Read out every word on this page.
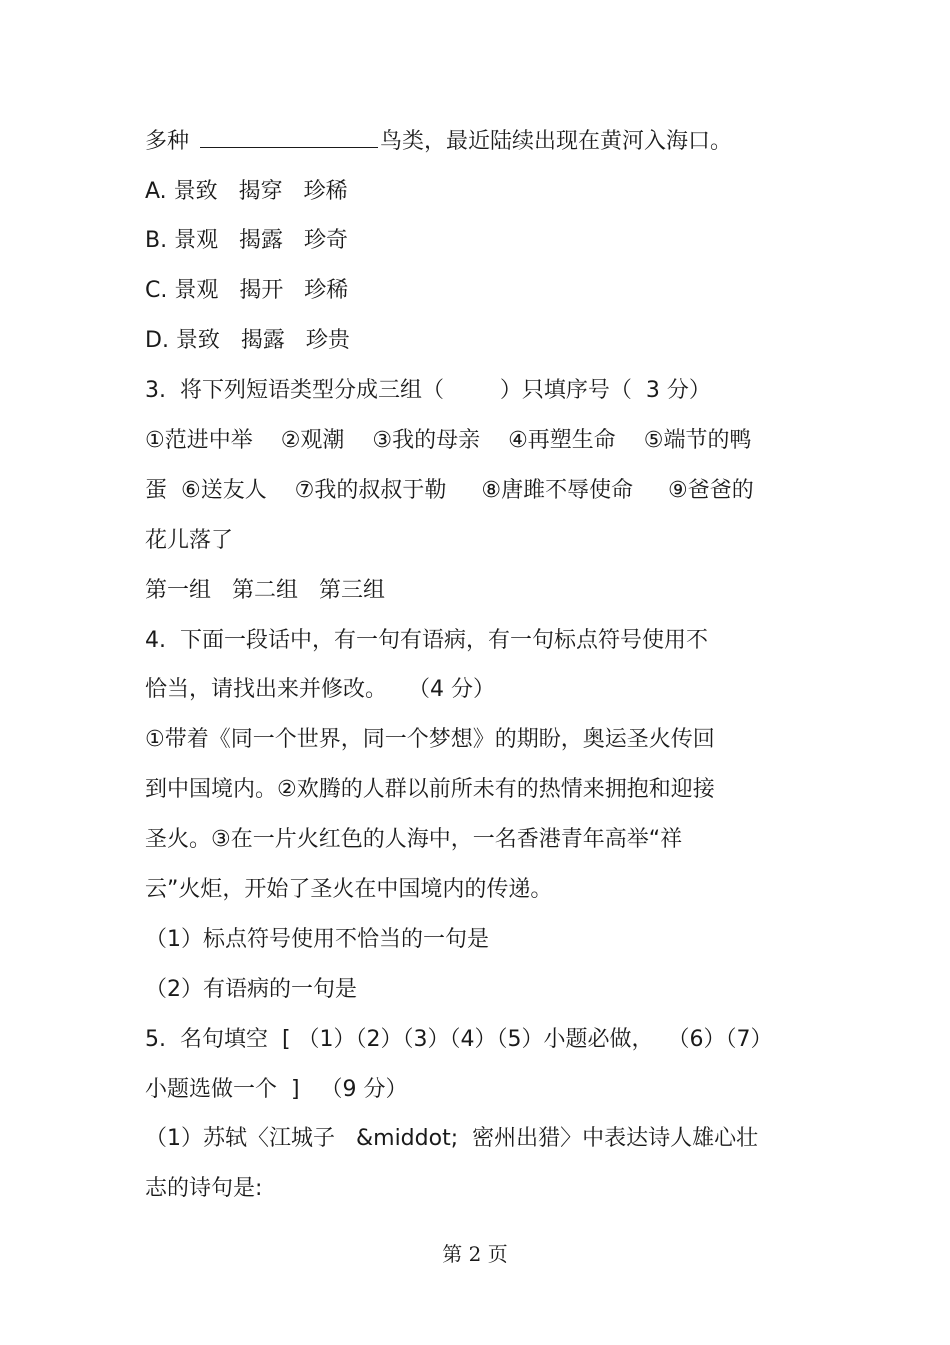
多种	鸟类，最近陆续出现在黄河入海口。
A. 景致   揭穿   珍稀
B. 景观   揭露   珍奇
C. 景观   揭开   珍稀
D. 景致   揭露   珍贵
3.  将下列短语类型分成三组（        ）只填序号（  3 分）
①范进中举    ②观潮    ③我的母亲    ④再塑生命    ⑤端节的鸭
蛋  ⑥送友人    ⑦我的叔叔于勒     ⑧唐雎不辱使命     ⑨爸爸的
花儿落了
第一组   第二组   第三组
4.  下面一段话中，有一句有语病，有一句标点符号使用不
恰当，请找出来并修改。   （4 分）
①带着《同一个世界，同一个梦想》的期盼，奥运圣火传回
到中国境内。②欢腾的人群以前所未有的热情来拥抱和迎接
圣火。③在一片火红色的人海中，一名香港青年高举“祥
云”火炬，开始了圣火在中国境内的传递。
（1）标点符号使用不恰当的一句是
（2）有语病的一句是
5.  名句填空  [ （1）（2）（3）（4）（5）小题必做，  （6）（7）
小题选做一个  ]   （9 分）
（1）苏轼〈江城子   &middot;  密州出猎〉中表达诗人雄心壮
志的诗句是:
第 2 页
